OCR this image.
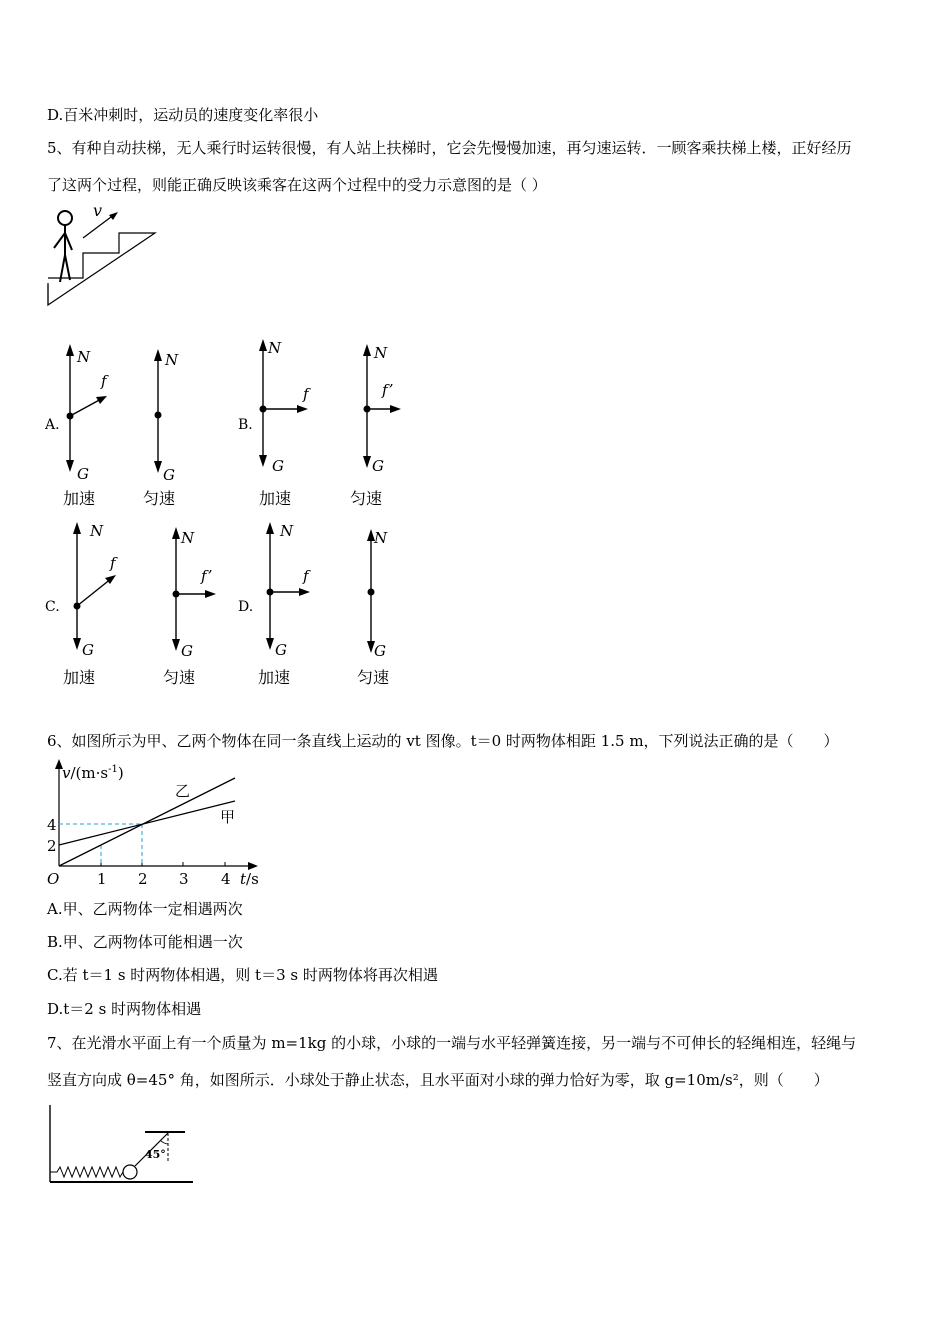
D.百米冲刺时，运动员的速度变化率很小
5、有种自动扶梯，无人乘行时运转很慢，有人站上扶梯时，它会先慢慢加速，再匀速运转．一顾客乘扶梯上楼，正好经历
了这两个过程，则能正确反映该乘客在这两个过程中的受力示意图的是（ ）
v
A.
N
f
G
N
G
加速	匀速
B.
N
f
G
N
f’
G
加速	匀速
C.
N
f
G
N
f’
G
加速	匀速
D.
N
f
G
N
G
加速	匀速
6、如图所示为甲、乙两个物体在同一条直线上运动的 vt 图像。t＝0 时两物体相距 1.5 m，下列说法正确的是（　　）
$v/(m\cdot s^{-1})$
4
2
O	1 2 3 4 t/s
乙
甲
A.甲、乙两物体一定相遇两次
B.甲、乙两物体可能相遇一次
C.若 t＝1 s 时两物体相遇，则 t＝3 s 时两物体将再次相遇
D.t＝2 s 时两物体相遇
7、在光滑水平面上有一个质量为 m=1kg 的小球，小球的一端与水平轻弹簧连接，另一端与不可伸长的轻绳相连，轻绳与
竖直方向成 θ=45° 角，如图所示．小球处于静止状态，且水平面对小球的弹力恰好为零，取 g=10m/s²，则（　　）
45°
